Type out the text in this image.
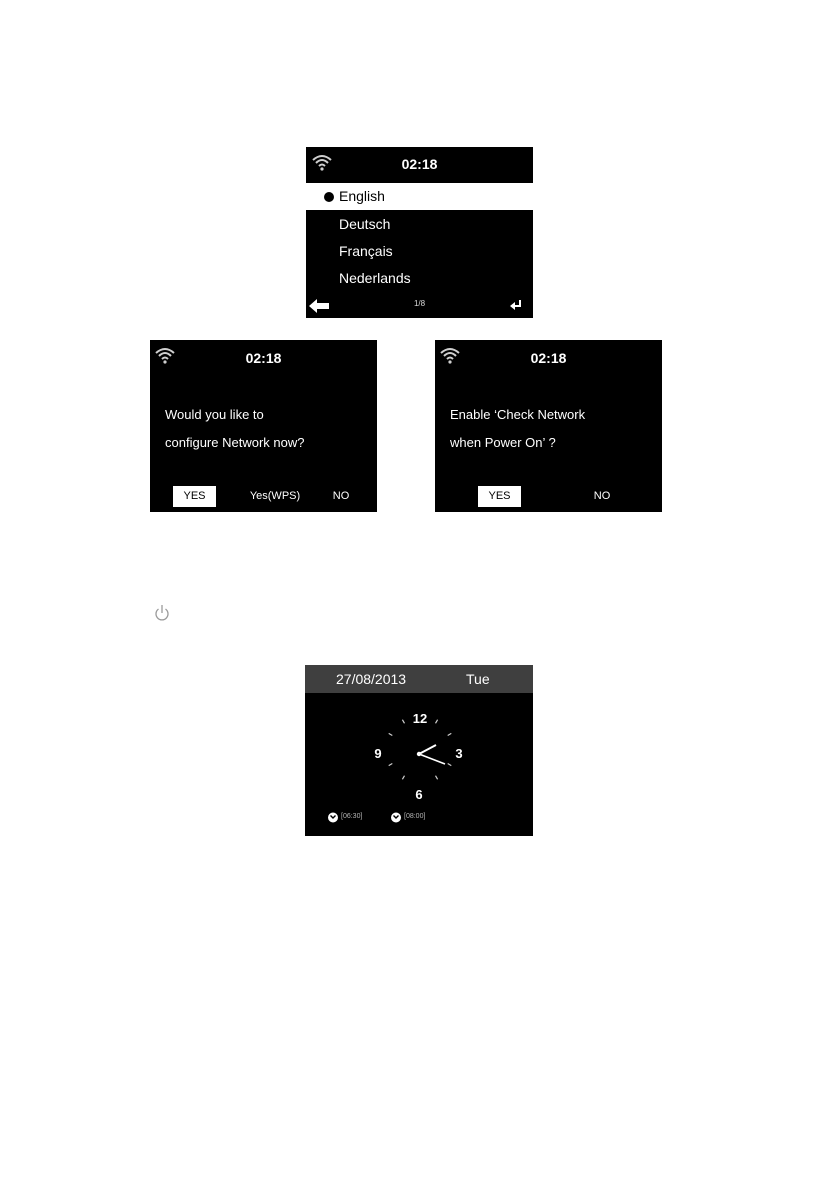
02:18
English
Deutsch
Français
Nederlands
1/8
02:18
Would you like to
configure Network now?
YES	Yes(WPS)	NO
02:18
Enable ‘Check Network
when Power On’ ?
YES	NO
27/08/2013	Tue
12
3
6
9
[06:30]	[08:00]
